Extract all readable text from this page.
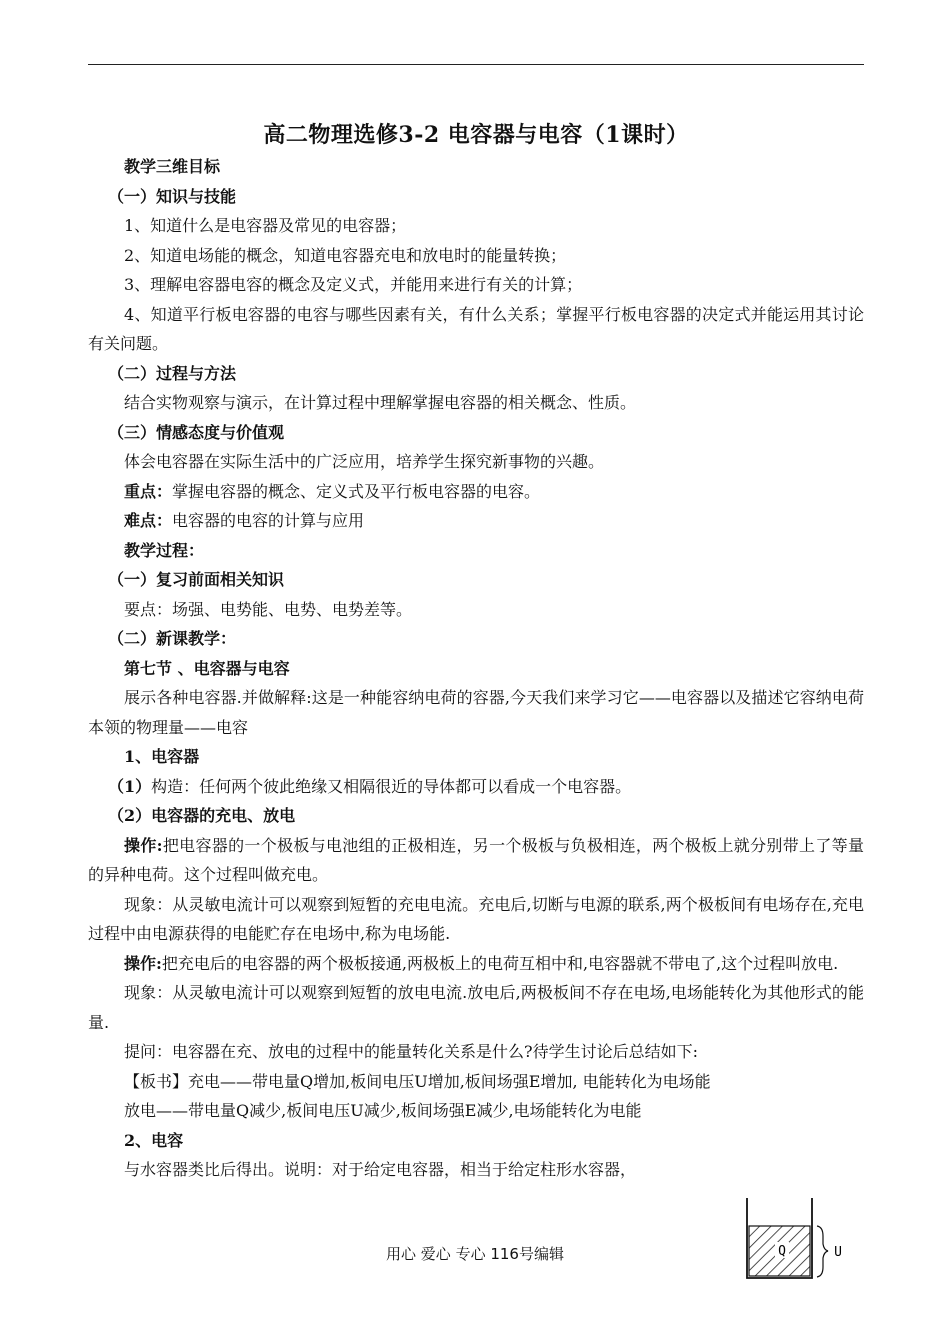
高二物理选修3-2 电容器与电容（1课时）

教学三维目标

（一）知识与技能

1、知道什么是电容器及常见的电容器；

2、知道电场能的概念，知道电容器充电和放电时的能量转换；

3、理解电容器电容的概念及定义式，并能用来进行有关的计算；

4、知道平行板电容器的电容与哪些因素有关，有什么关系；掌握平行板电容器的决定式并能运用其讨论有关问题。

（二）过程与方法

结合实物观察与演示，在计算过程中理解掌握电容器的相关概念、性质。

（三）情感态度与价值观

体会电容器在实际生活中的广泛应用，培养学生探究新事物的兴趣。

重点：掌握电容器的概念、定义式及平行板电容器的电容。

难点：电容器的电容的计算与应用

教学过程：

（一）复习前面相关知识

要点：场强、电势能、电势、电势差等。

（二）新课教学：

第七节 、电容器与电容

展示各种电容器.并做解释:这是一种能容纳电荷的容器,今天我们来学习它——电容器以及描述它容纳电荷本领的物理量——电容

1、电容器

（1）构造：任何两个彼此绝缘又相隔很近的导体都可以看成一个电容器。

（2）电容器的充电、放电

操作:把电容器的一个极板与电池组的正极相连，另一个极板与负极相连，两个极板上就分别带上了等量的异种电荷。这个过程叫做充电。

现象：从灵敏电流计可以观察到短暂的充电电流。充电后,切断与电源的联系,两个极板间有电场存在,充电过程中由电源获得的电能贮存在电场中,称为电场能.

操作:把充电后的电容器的两个极板接通,两极板上的电荷互相中和,电容器就不带电了,这个过程叫放电.

现象：从灵敏电流计可以观察到短暂的放电电流.放电后,两极板间不存在电场,电场能转化为其他形式的能量.

提问：电容器在充、放电的过程中的能量转化关系是什么?待学生讨论后总结如下:

【板书】充电——带电量Q增加,板间电压U增加,板间场强E增加, 电能转化为电场能

放电——带电量Q减少,板间电压U减少,板间场强E减少,电场能转化为电能

2、电容

与水容器类比后得出。说明：对于给定电容器，相当于给定柱形水容器，

Q	U
用心 爱心 专心 116号编辑
